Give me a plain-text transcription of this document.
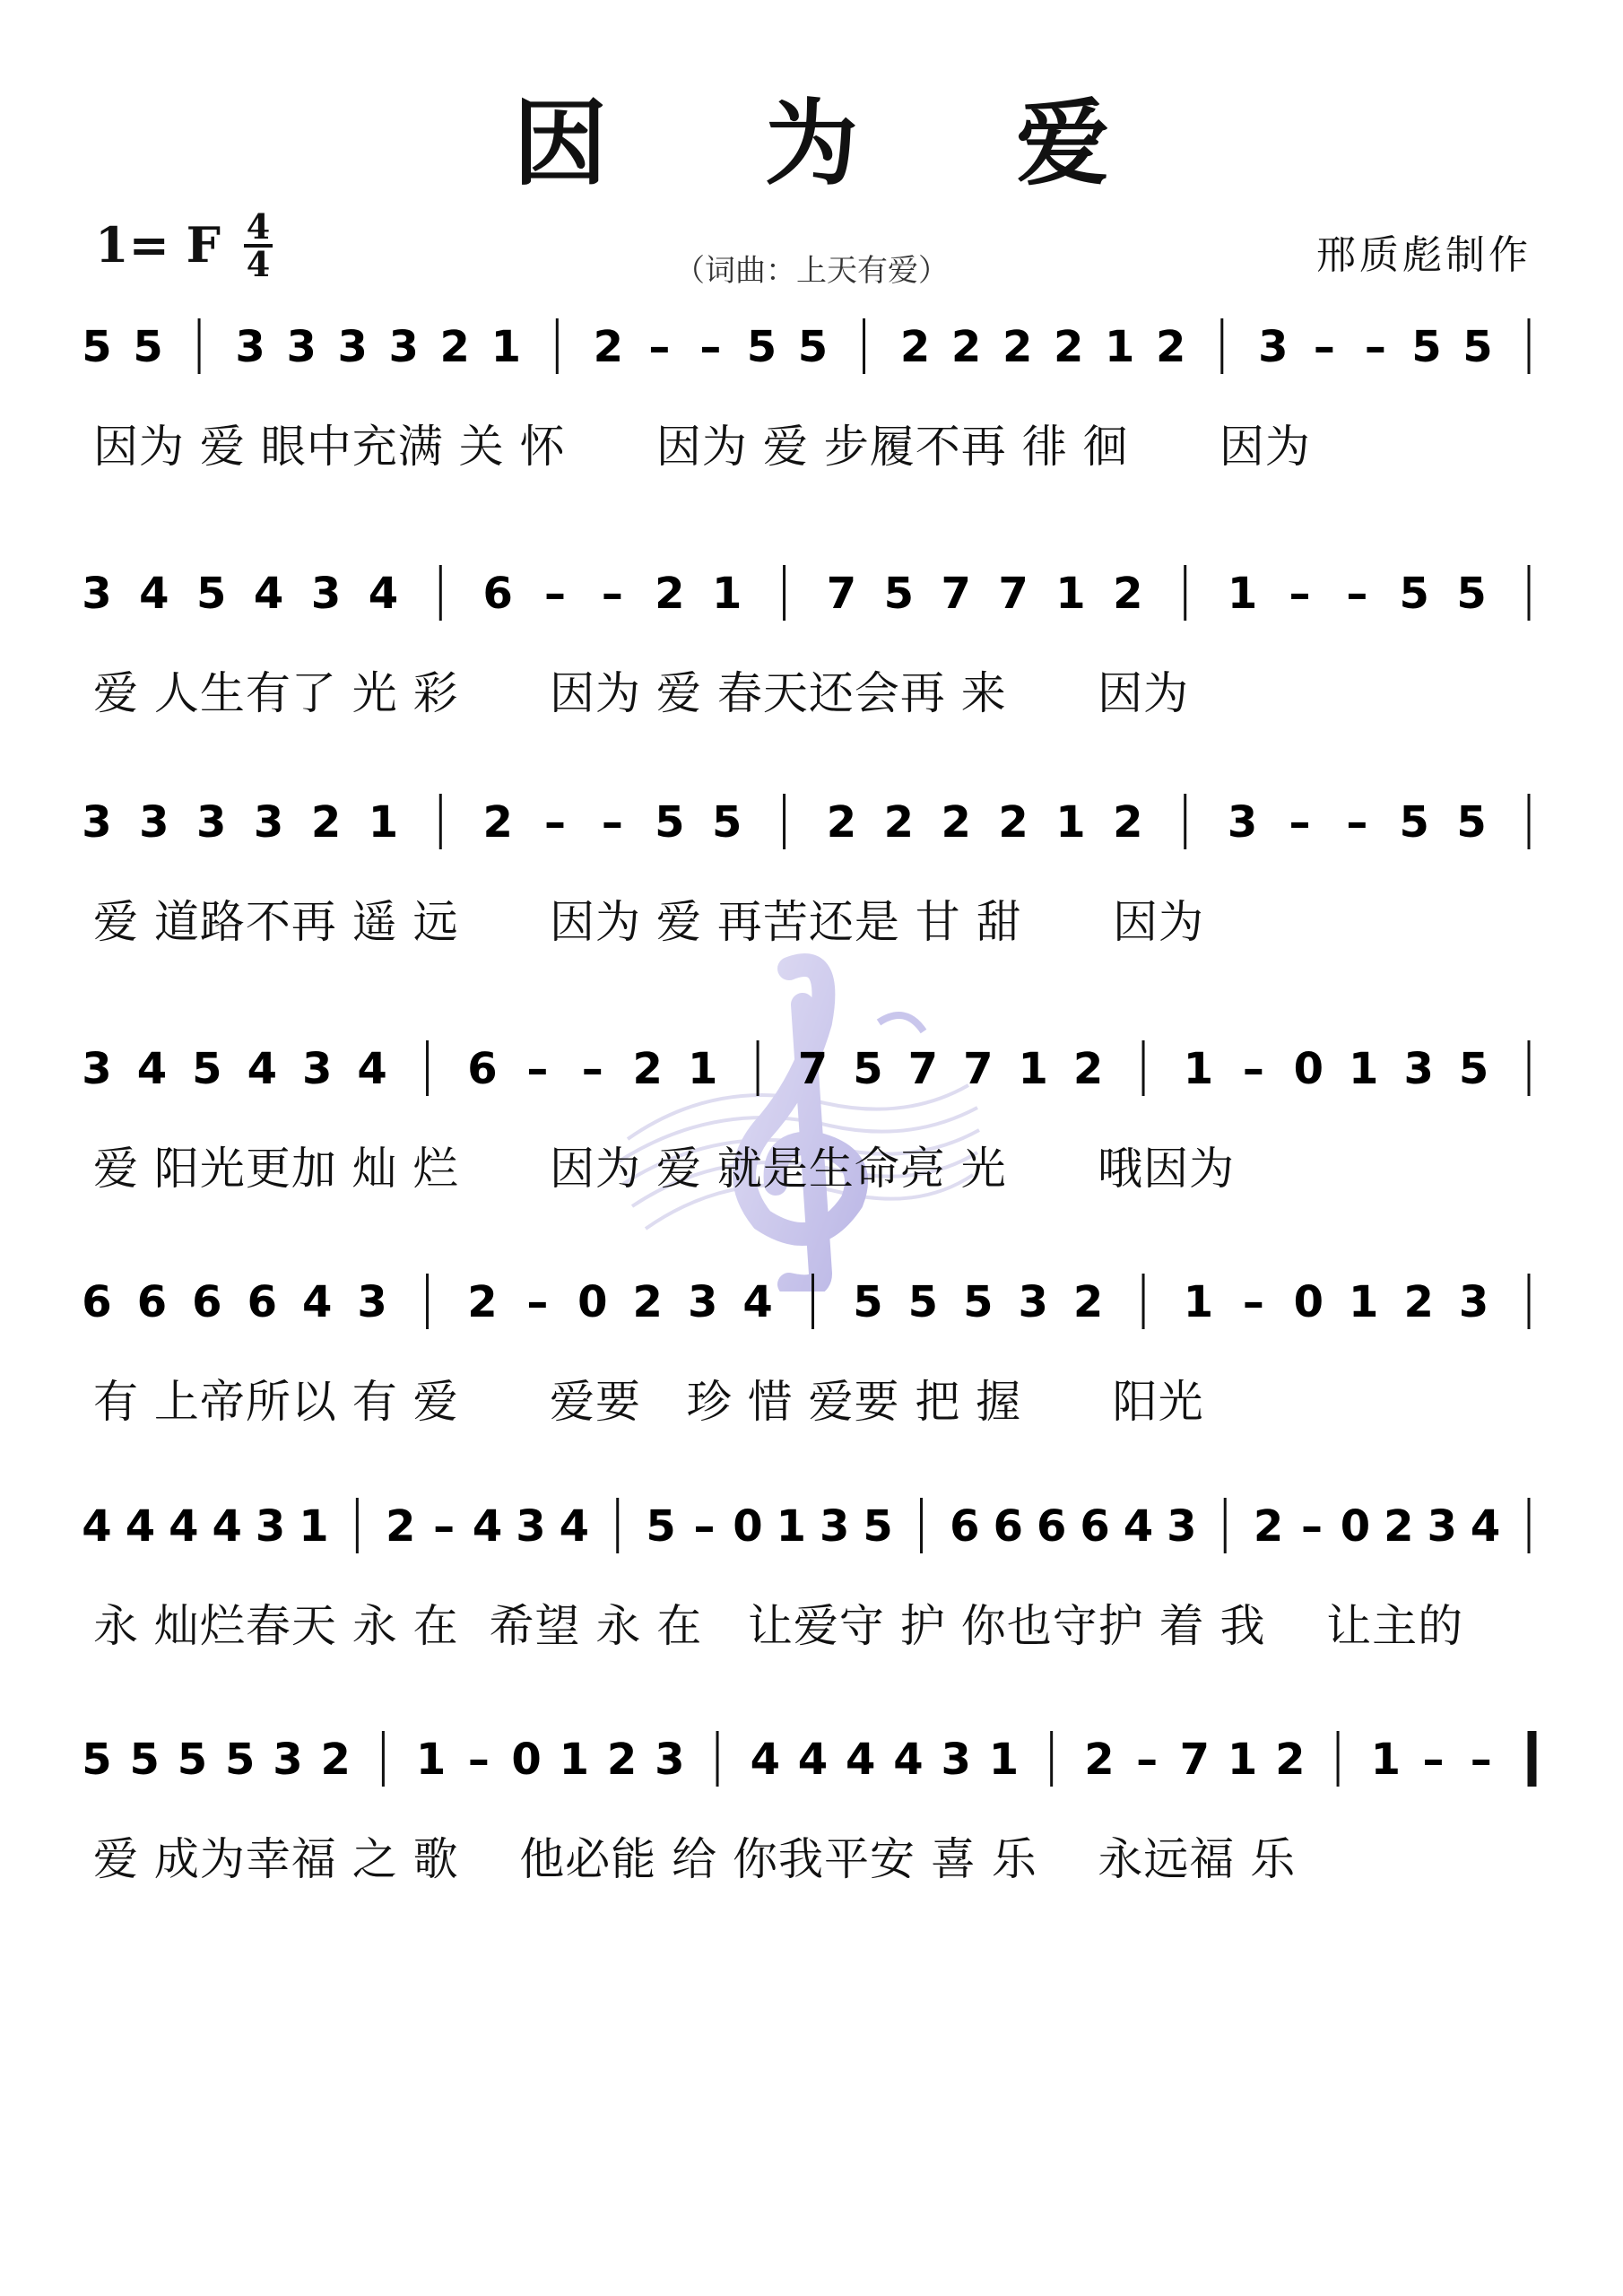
因 为 爱
1= F 4
4	（词曲：上天有爱）	邢质彪制作
5 5 3 3 3 3 2 1 2 – – 5 5 2 2 2 2 1 2 3 – – 5 5
因为 爱 眼中充满 关 怀      因为 爱 步履不再 徘 徊      因为
3 4 5 4 3 4 6 – – 2 1 7 5 7 7 1 2 1 – – 5 5
爱 人生有了 光 彩      因为 爱 春天还会再 来      因为
3 3 3 3 2 1 2 – – 5 5 2 2 2 2 1 2 3 – – 5 5
爱 道路不再 遥 远      因为 爱 再苦还是 甘 甜      因为
3 4 5 4 3 4 6 – – 2 1 7 5 7 7 1 2 1 – 0 1 3 5
爱 阳光更加 灿 烂      因为 爱 就是生命亮 光      哦因为
6 6 6 6 4 3 2 – 0 2 3 4 5 5 5 3 2 1 – 0 1 2 3
有 上帝所以 有 爱      爱要   珍 惜 爱要 把 握      阳光
4 4 4 4 3 1 2 – 4 3 4 5 – 0 1 3 5 6 6 6 6 4 3 2 – 0 2 3 4
永 灿烂春天 永 在  希望 永 在   让爱守 护 你也守护 着 我    让主的
5 5 5 5 3 2 1 – 0 1 2 3 4 4 4 4 3 1 2 – 7 1 2 1 – –
爱 成为幸福 之 歌    他必能 给 你我平安 喜 乐    永远福 乐
